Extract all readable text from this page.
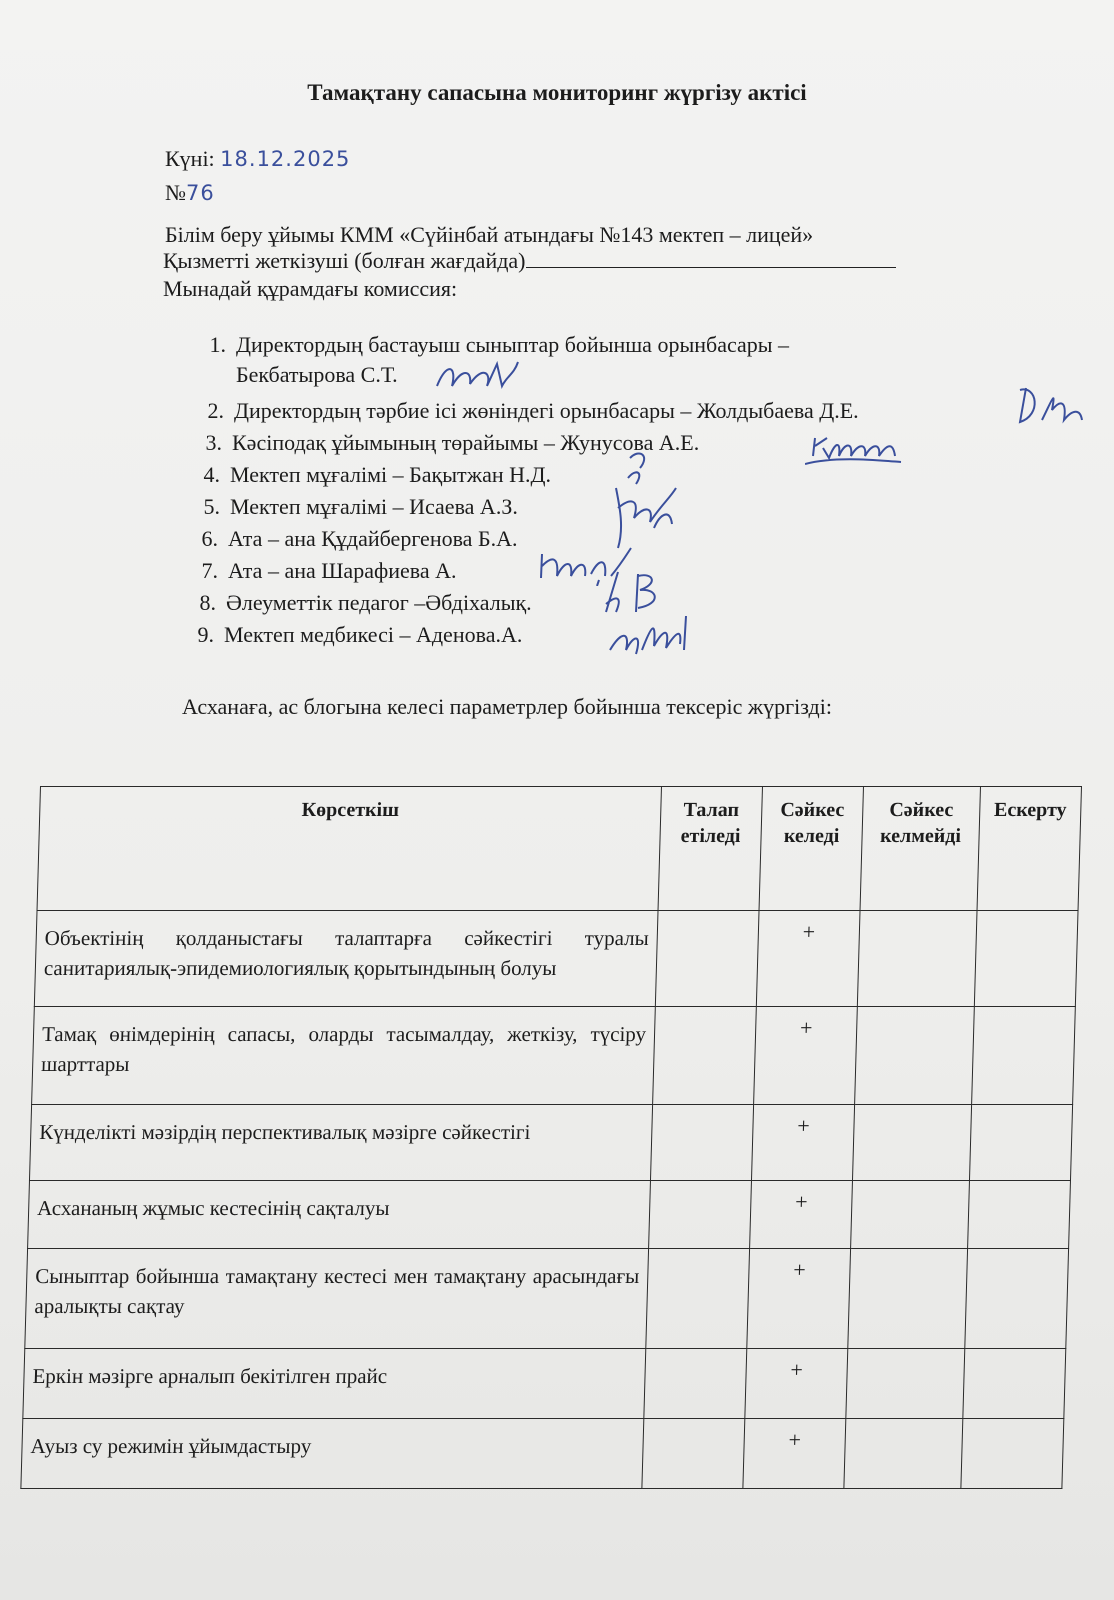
Тамақтану сапасына мониторинг жүргізу актісі
Күні: 18.12.2025
№76
Білім беру ұйымы КММ «Сүйінбай атындағы №143 мектеп – лицей»
Қызметті жеткізуші (болған жағдайда)
Мынадай құрамдағы комиссия:
1. Директордың бастауыш сыныптар бойынша орынбасары –
Бекбатырова С.Т.
2. Директордың тәрбие ісі жөніндегі орынбасары – Жолдыбаева Д.Е.
3. Кәсіподақ ұйымының төрайымы – Жунусова А.Е.
4. Мектеп мұғалімі – Бақытжан Н.Д.
5. Мектеп мұғалімі – Исаева А.З.
6. Ата – ана Құдайбергенова Б.А.
7. Ата – ана Шарафиева А.
8. Әлеуметтік педагог –Әбдіхалық.
9. Мектеп медбикесі – Аденова.А.
Асханаға, ас блогына келесі параметрлер бойынша тексеріс жүргізді:
Көрсеткіш	Талап етіледі	Сәйкес келеді	Сәйкес келмейді	Ескерту
Объектінің қолданыстағы талаптарға сәйкестігі туралы санитариялық-эпидемиологиялық қорытындының болуы		+		
Тамақ өнімдерінің сапасы, оларды тасымалдау, жеткізу, түсіру шарттары		+		
Күнделікті мәзірдің перспективалық мәзірге сәйкестігі		+		
Асхананың жұмыс кестесінің сақталуы		+		
Сыныптар бойынша тамақтану кестесі мен тамақтану арасындағы аралықты сақтау		+		
Еркін мәзірге арналып бекітілген прайс		+		
Ауыз су режимін ұйымдастыру		+		
